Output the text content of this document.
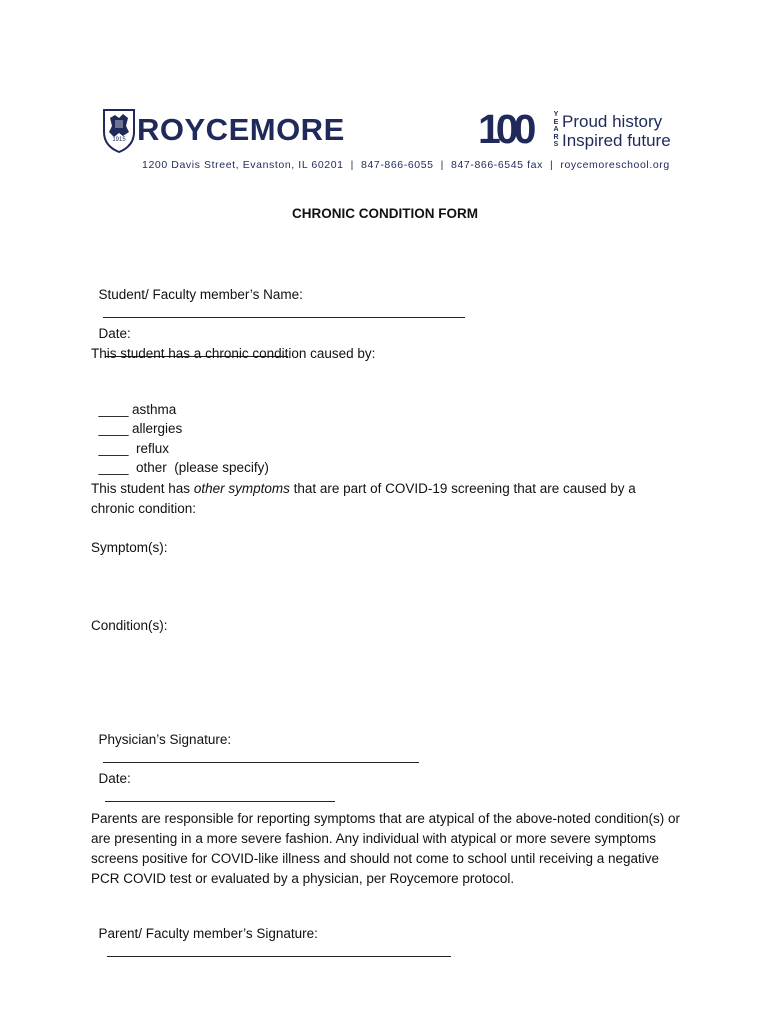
1915 ROYCEMORE	100	Y
E
A
R
S
Proud history
Inspired future
1200 Davis Street, Evanston, IL 60201 | 847-866-6055 | 847-866-6545 fax | roycemoreschool.org
CHRONIC CONDITION FORM

Student/ Faculty member’s Name:

Date:

This student has a chronic condition caused by:

____ asthma

____ allergies

____ reflux

____ other  (please specify)

This student has other symptoms that are part of COVID-19 screening that are caused by a chronic condition:
Symptom(s):
Condition(s):

Physician’s Signature:

Date:

Parents are responsible for reporting symptoms that are atypical of the above-noted condition(s) or are presenting in a more severe fashion. Any individual with atypical or more severe symptoms screens positive for COVID-like illness and should not come to school until receiving a negative PCR COVID test or evaluated by a physician, per Roycemore protocol.

Parent/ Faculty member’s Signature:
